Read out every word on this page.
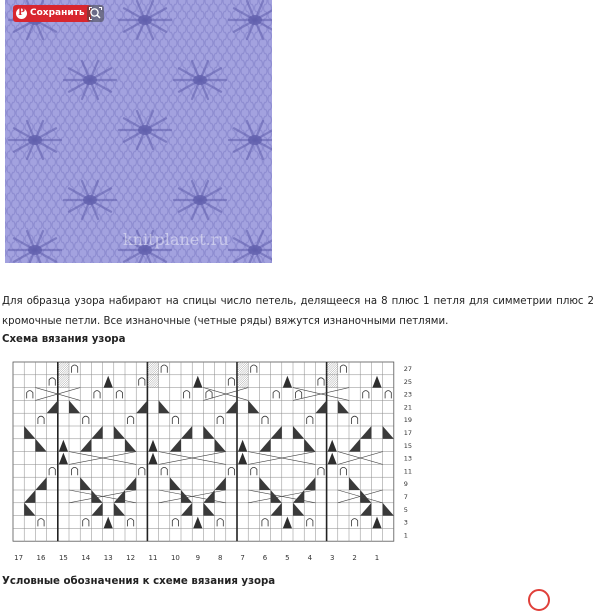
P Сохранить
knitplanet.ru
Для образца узора набирают на спицы число петель, делящееся на 8 плюс 1 петля для симметрии плюс 2 кромочные петли. Все изнаночные (четные ряды) вяжутся изнаночными петлями.
Схема вязания узора
27
25
23
21
19
17
15
13
11
9
7
5
3
1
17 16 15 14 13 12 11 10 9	8	7	6	5	4	3	2	1
Условные обозначения к схеме вязания узора
